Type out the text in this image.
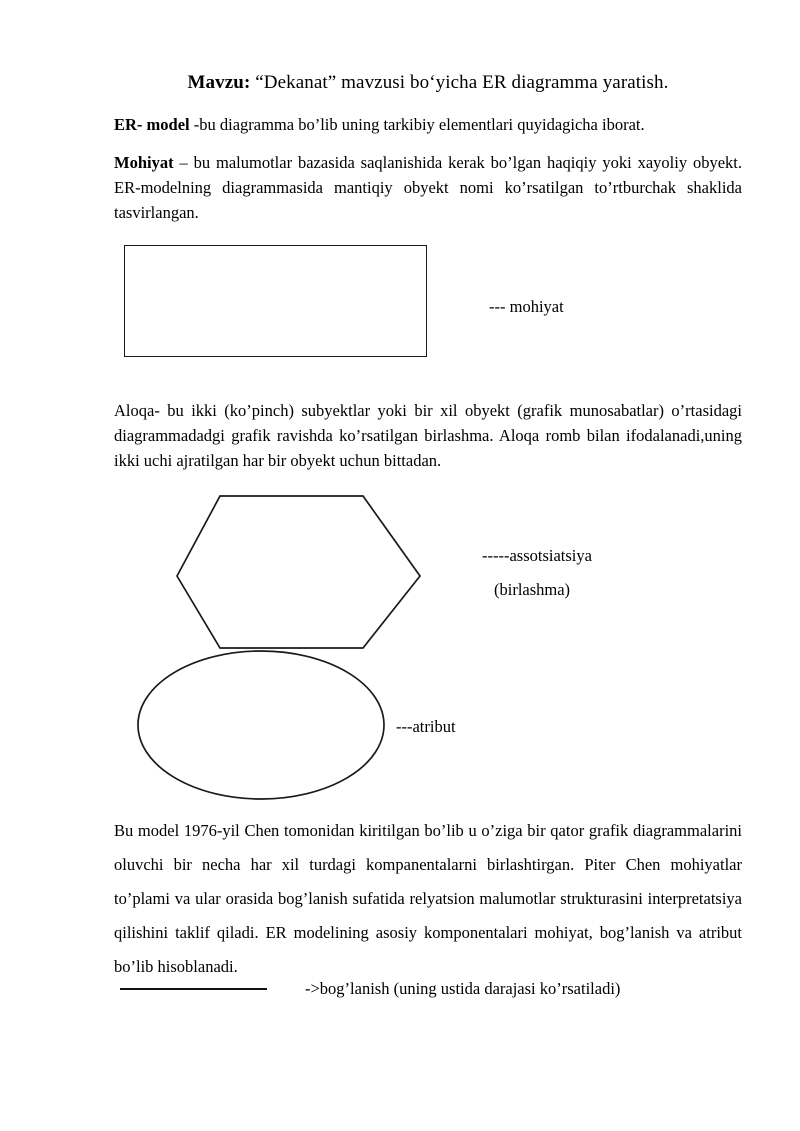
Mavzu: “Dekanat” mavzusi boʻyicha ER diagramma yaratish.
ER- model -bu diagramma bo’lib uning tarkibiy elementlari quyidagicha iborat.
Mohiyat – bu malumotlar bazasida saqlanishida kerak bo’lgan haqiqiy yoki xayoliy obyekt. ER-modelning diagrammasida mantiqiy obyekt nomi ko’rsatilgan to’rtburchak shaklida tasvirlangan.
--- mohiyat
Aloqa- bu ikki (ko’pinch) subyektlar yoki bir xil obyekt (grafik munosabatlar) o’rtasidagi diagrammadadgi grafik ravishda ko’rsatilgan birlashma. Aloqa romb bilan ifodalanadi,uning ikki uchi ajratilgan har bir obyekt uchun bittadan.
-----assotsiatsiya
(birlashma)
---atribut
Bu model 1976-yil Chen tomonidan kiritilgan bo’lib u o’ziga bir qator grafik diagrammalarini oluvchi bir necha har xil turdagi kompanentalarni birlashtirgan. Piter Chen mohiyatlar to’plami va ular orasida bog’lanish sufatida relyatsion malumotlar strukturasini interpretatsiya qilishini taklif qiladi. ER modelining asosiy komponentalari mohiyat, bog’lanish va atribut bo’lib hisoblanadi.
->bog’lanish (uning ustida darajasi ko’rsatiladi)
